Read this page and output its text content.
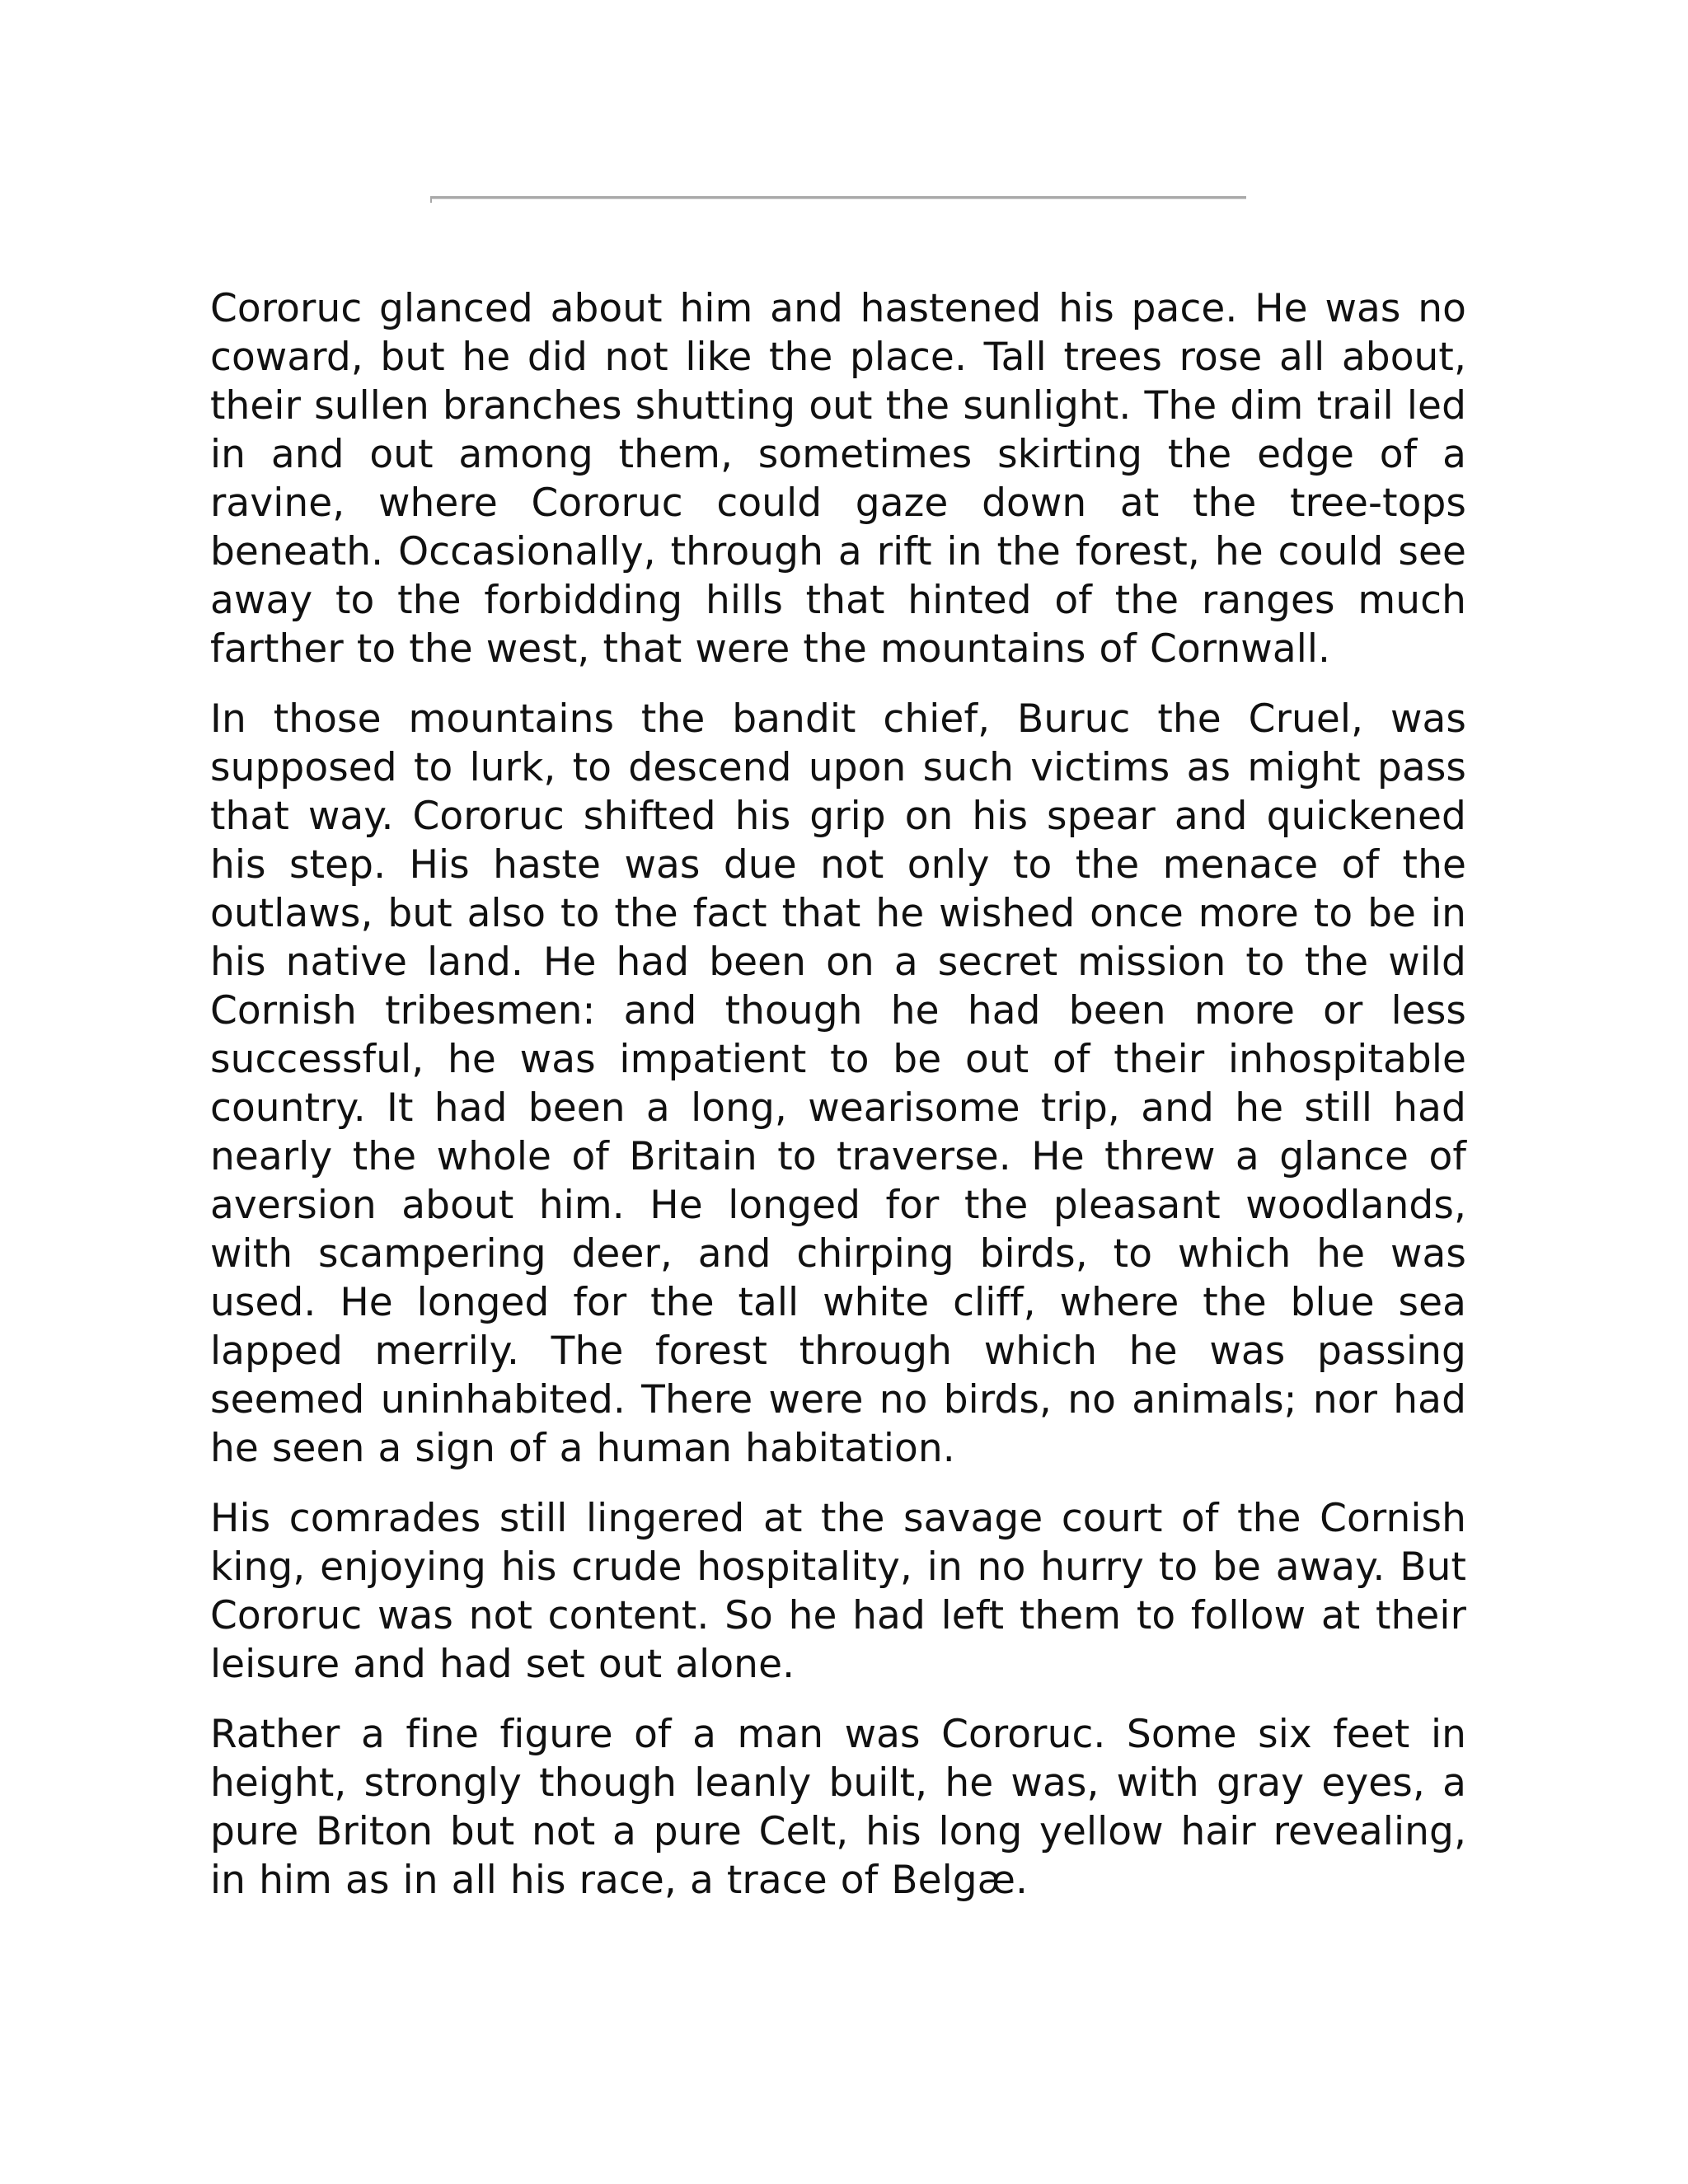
Cororuc glanced about him and hastened his pace. He was no coward, but he did not like the place. Tall trees rose all about, their sullen branches shutting out the sunlight. The dim trail led in and out among them, sometimes skirting the edge of a ravine, where Cororuc could gaze down at the tree-tops beneath. Occasionally, through a rift in the forest, he could see away to the forbidding hills that hinted of the ranges much farther to the west, that were the mountains of Cornwall.

In those mountains the bandit chief, Buruc the Cruel, was supposed to lurk, to descend upon such victims as might pass that way. Cororuc shifted his grip on his spear and quickened his step. His haste was due not only to the menace of the outlaws, but also to the fact that he wished once more to be in his native land. He had been on a secret mission to the wild Cornish tribesmen: and though he had been more or less successful, he was impatient to be out of their inhospitable country. It had been a long, wearisome trip, and he still had nearly the whole of Britain to traverse. He threw a glance of aversion about him. He longed for the pleasant woodlands, with scampering deer, and chirping birds, to which he was used. He longed for the tall white cliff, where the blue sea lapped merrily. The forest through which he was passing seemed uninhabited. There were no birds, no animals; nor had he seen a sign of a human habitation.

His comrades still lingered at the savage court of the Cornish king, enjoying his crude hospitality, in no hurry to be away. But Cororuc was not content. So he had left them to follow at their leisure and had set out alone.

Rather a fine figure of a man was Cororuc. Some six feet in height, strongly though leanly built, he was, with gray eyes, a pure Briton but not a pure Celt, his long yellow hair revealing, in him as in all his race, a trace of Belgæ.
